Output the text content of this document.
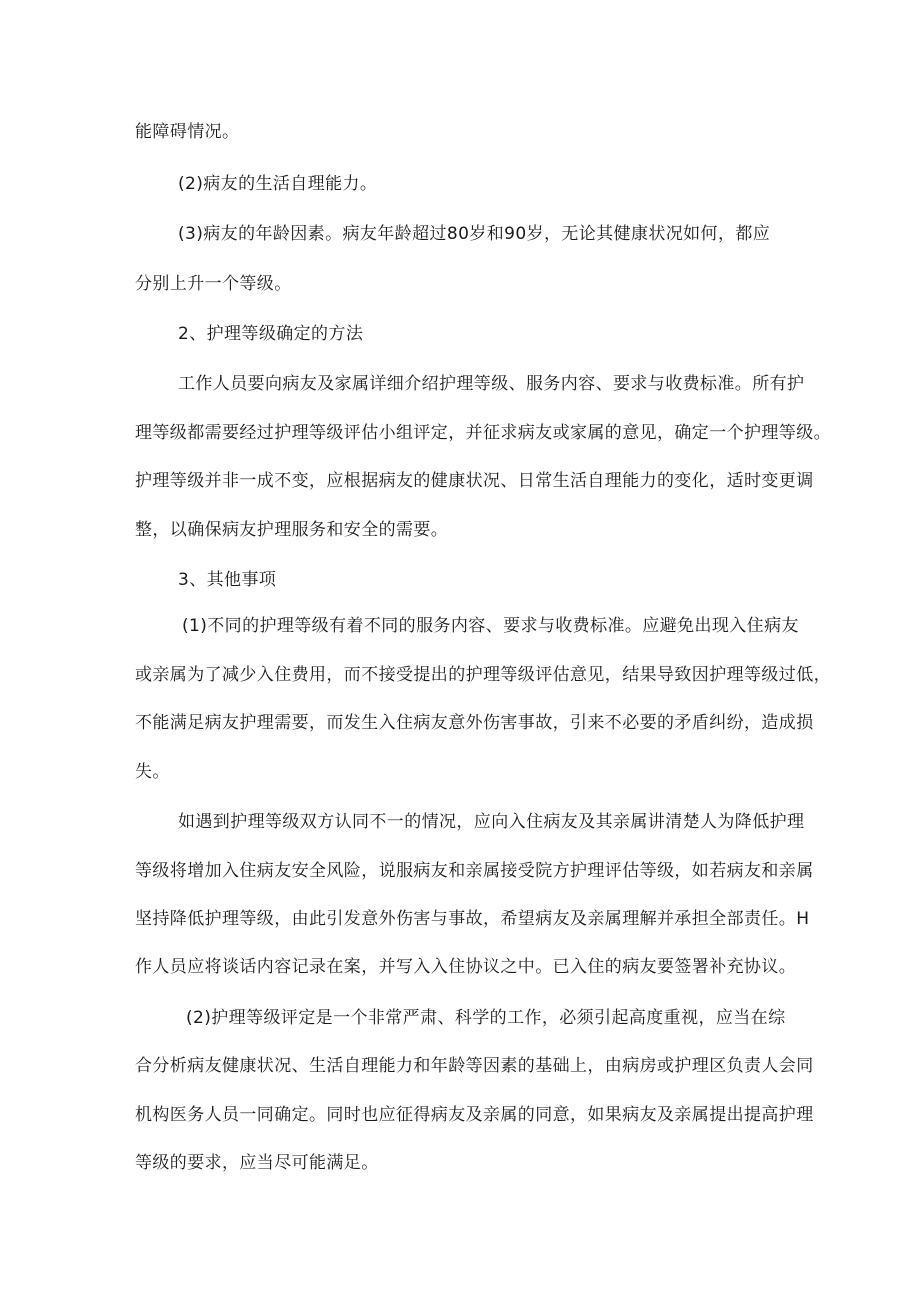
能障碍情况。
(2)病友的生活自理能力。
(3)病友的年龄因素。病友年龄超过80岁和90岁，无论其健康状况如何，都应
分别上升一个等级。
2、护理等级确定的方法
工作人员要向病友及家属详细介绍护理等级、服务内容、要求与收费标准。所有护
理等级都需要经过护理等级评估小组评定，并征求病友或家属的意见，确定一个护理等级。
护理等级并非一成不变，应根据病友的健康状况、日常生活自理能力的变化，适时变更调
整，以确保病友护理服务和安全的需要。
3、其他事项
(1)不同的护理等级有着不同的服务内容、要求与收费标准。应避免出现入住病友
或亲属为了减少入住费用，而不接受提出的护理等级评估意见，结果导致因护理等级过低，
不能满足病友护理需要，而发生入住病友意外伤害事故，引来不必要的矛盾纠纷，造成损
失。
如遇到护理等级双方认同不一的情况，应向入住病友及其亲属讲清楚人为降低护理
等级将增加入住病友安全风险，说服病友和亲属接受院方护理评估等级，如若病友和亲属
坚持降低护理等级，由此引发意外伤害与事故，希望病友及亲属理解并承担全部责任。H
作人员应将谈话内容记录在案，并写入入住协议之中。已入住的病友要签署补充协议。
(2)护理等级评定是一个非常严肃、科学的工作，必须引起高度重视，应当在综
合分析病友健康状况、生活自理能力和年龄等因素的基础上，由病房或护理区负责人会同
机构医务人员一同确定。同时也应征得病友及亲属的同意，如果病友及亲属提出提高护理
等级的要求，应当尽可能满足。
